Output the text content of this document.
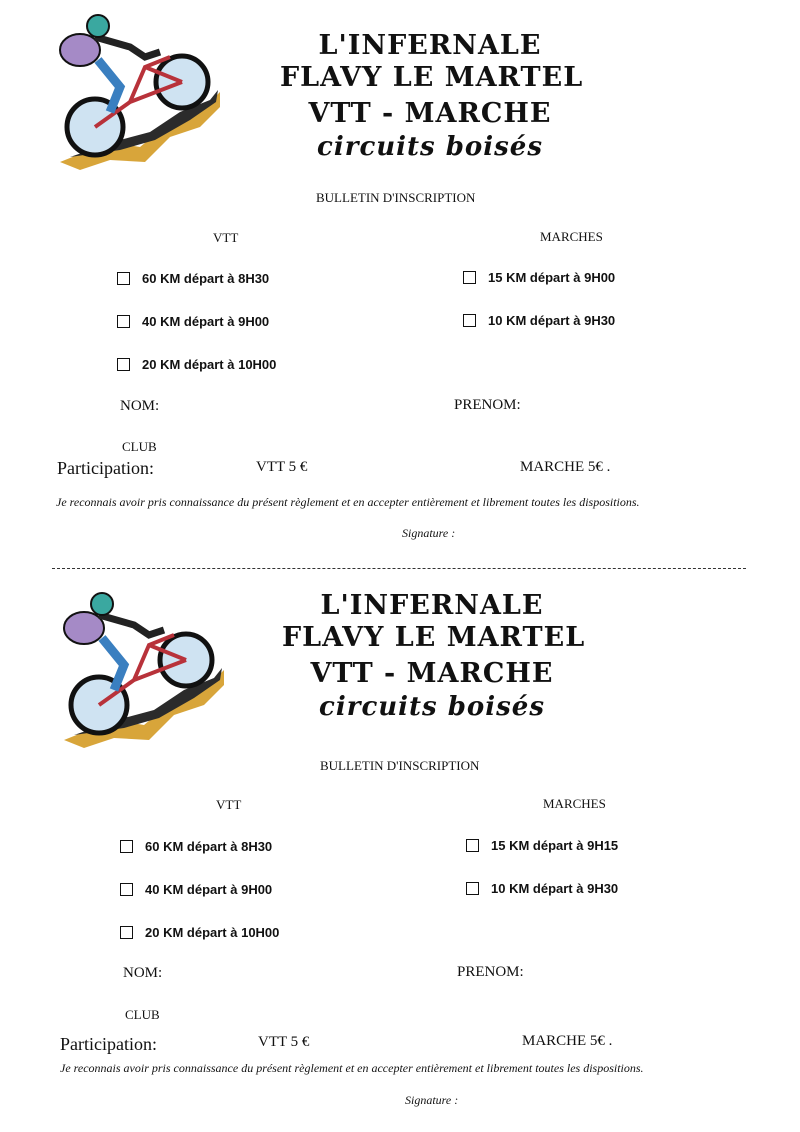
L'INFERNALE
FLAVY LE MARTEL
VTT - MARCHE
circuits boisés
BULLETIN D'INSCRIPTION
VTT	MARCHES
60 KM départ à 8H30
40 KM départ à 9H00
20 KM départ à 10H00
15 KM départ à 9H00
10 KM départ à 9H30
NOM:	PRENOM:
CLUB
Participation:	VTT 5 €	MARCHE 5€ .
Je reconnais avoir pris connaissance du présent règlement et en accepter entièrement et librement toutes les dispositions.
Signature :
L'INFERNALE
FLAVY LE MARTEL
VTT - MARCHE
circuits boisés
BULLETIN D'INSCRIPTION
VTT	MARCHES
60 KM départ à 8H30
40 KM départ à 9H00
20 KM départ à 10H00
15 KM départ à 9H15
10 KM départ à 9H30
NOM:	PRENOM:
CLUB
Participation:	VTT 5 €	MARCHE 5€ .
Je reconnais avoir pris connaissance du présent règlement et en accepter entièrement et librement toutes les dispositions.
Signature :
